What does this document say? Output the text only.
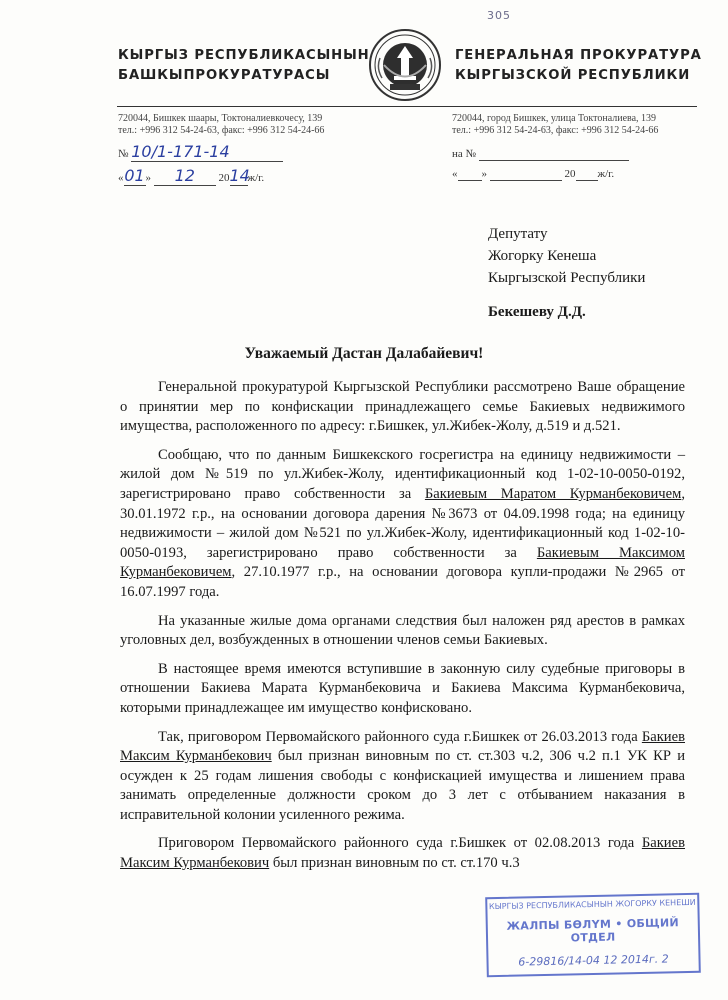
305
КЫРГЫЗ РЕСПУБЛИКАСЫНЫН
БАШКЫПРОКУРАТУРАСЫ
ГЕНЕРАЛЬНАЯ ПРОКУРАТУРА
КЫРГЫЗСКОЙ РЕСПУБЛИКИ
720044, Бишкек шаары, Токтоналиевкочесу, 139
тел.: +996 312 54-24-63, факс: +996 312 54-24-66
720044, город Бишкек, улица Токтоналиева, 139
тел.: +996 312 54-24-63, факс: +996 312 54-24-66
№ 10/1-171-14
«01» 12 2014ж/г.
на №
« »	20 ж/г.
Депутату
Жогорку Кенеша
Кыргызской Республики
Бекешеву Д.Д.
Уважаемый Дастан Далабайевич!

Генеральной прокуратурой Кыргызской Республики рассмотрено Ваше обращение о принятии мер по конфискации принадлежащего семье Бакиевых недвижимого имущества, расположенного по адресу: г.Бишкек, ул.Жибек-Жолу, д.519 и д.521.

Сообщаю, что по данным Бишкекского госрегистра на единицу недвижимости – жилой дом №519 по ул.Жибек-Жолу, идентификационный код 1-02-10-0050-0192, зарегистрировано право собственности за Бакиевым Маратом Курманбековичем, 30.01.1972 г.р., на основании договора дарения №3673 от 04.09.1998 года; на единицу недвижимости – жилой дом №521 по ул.Жибек-Жолу, идентификационный код 1-02-10-0050-0193, зарегистрировано право собственности за Бакиевым Максимом Курманбековичем, 27.10.1977 г.р., на основании договора купли-продажи №2965 от 16.07.1997 года.

На указанные жилые дома органами следствия был наложен ряд арестов в рамках уголовных дел, возбужденных в отношении членов семьи Бакиевых.

В настоящее время имеются вступившие в законную силу судебные приговоры в отношении Бакиева Марата Курманбековича и Бакиева Максима Курманбековича, которыми принадлежащее им имущество конфисковано.

Так, приговором Первомайского районного суда г.Бишкек от 26.03.2013 года Бакиев Максим Курманбекович был признан виновным по ст. ст.303 ч.2, 306 ч.2 п.1 УК КР и осужден к 25 годам лишения свободы с конфискацией имущества и лишением права занимать определенные должности сроком до 3 лет с отбыванием наказания в исправительной колонии усиленного режима.

Приговором Первомайского районного суда г.Бишкек от 02.08.2013 года Бакиев Максим Курманбекович был признан виновным по ст. ст.170 ч.3

КЫРГЫЗ РЕСПУБЛИКАСЫНЫН ЖОГОРКУ КЕНЕШИ
ЖАЛПЫ БӨЛҮМ • ОБЩИЙ ОТДЕЛ
6-29816/14-04 12 2014г. 2
